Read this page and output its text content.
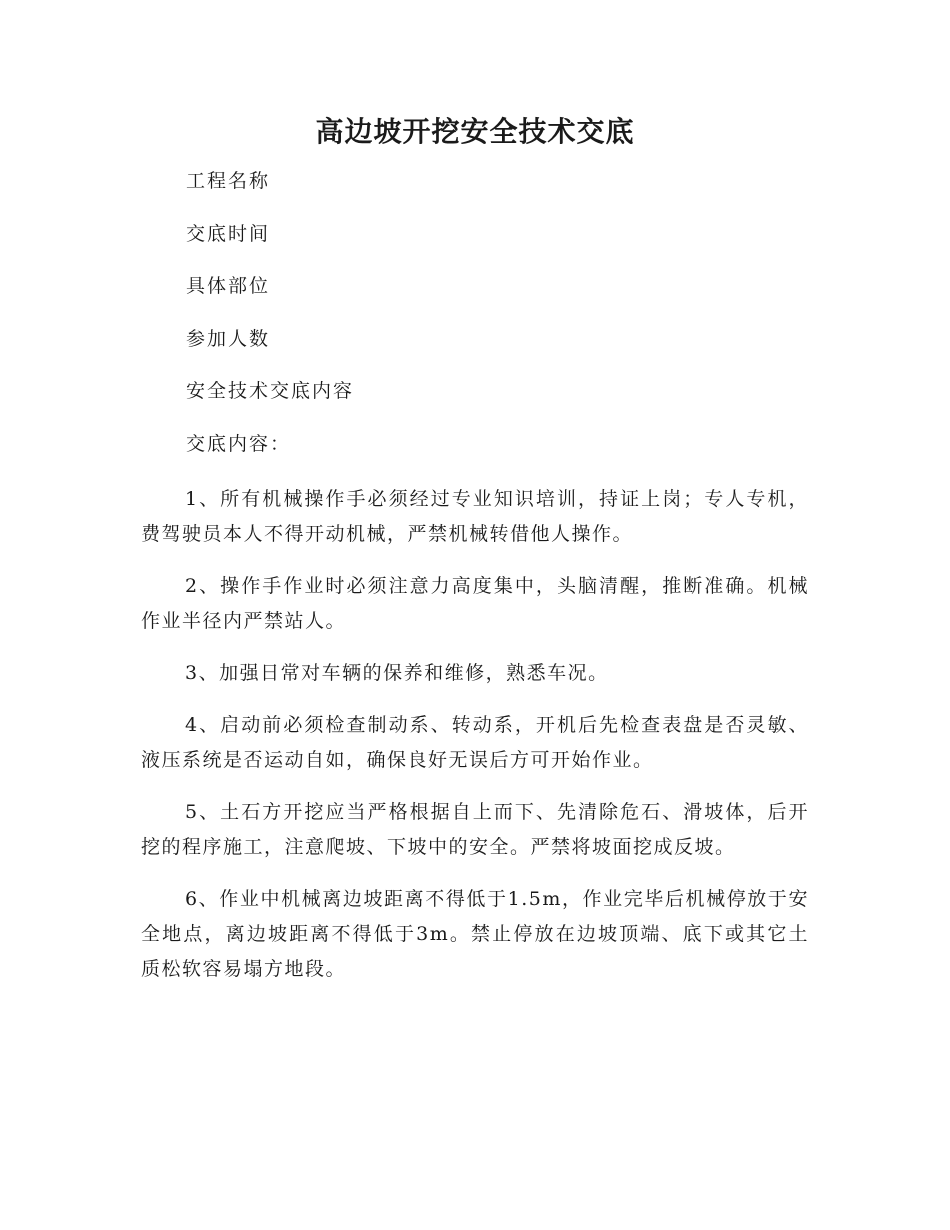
高边坡开挖安全技术交底
工程名称
交底时间
具体部位
参加人数
安全技术交底内容
交底内容：

1、所有机械操作手必须经过专业知识培训，持证上岗；专人专机，费驾驶员本人不得开动机械，严禁机械转借他人操作。

2、操作手作业时必须注意力高度集中，头脑清醒，推断准确。机械作业半径内严禁站人。

3、加强日常对车辆的保养和维修，熟悉车况。

4、启动前必须检查制动系、转动系，开机后先检查表盘是否灵敏、液压系统是否运动自如，确保良好无误后方可开始作业。

5、土石方开挖应当严格根据自上而下、先清除危石、滑坡体，后开挖的程序施工，注意爬坡、下坡中的安全。严禁将坡面挖成反坡。

6、作业中机械离边坡距离不得低于1.5m，作业完毕后机械停放于安全地点，离边坡距离不得低于3m。禁止停放在边坡顶端、底下或其它土质松软容易塌方地段。
